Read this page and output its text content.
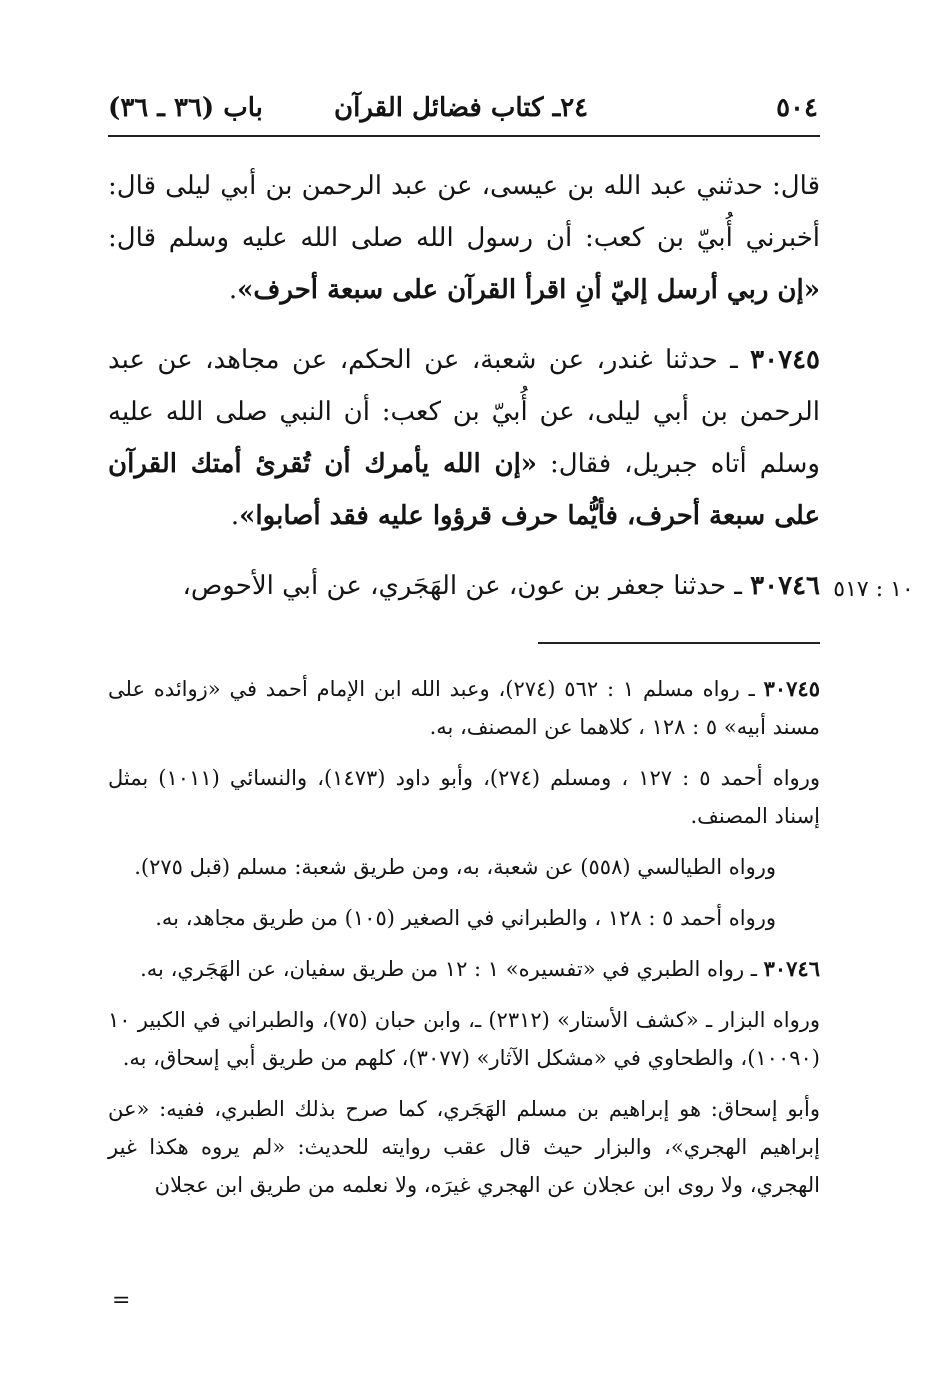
٥٠٤
٢٤ـ كتاب فضائل القرآن
باب (٣٦ ـ ٣٦)

قال: حدثني عبد الله بن عيسى، عن عبد الرحمن بن أبي ليلى قال: أخبرني أُبيّ بن كعب: أن رسول الله صلى الله عليه وسلم قال: «إن ربي أرسل إليّ أنِ اقرأ القرآن على سبعة أحرف».

٣٠٧٤٥ ـ حدثنا غندر، عن شعبة، عن الحكم، عن مجاهد، عن عبد الرحمن بن أبي ليلى، عن أُبيّ بن كعب: أن النبي صلى الله عليه وسلم أتاه جبريل، فقال: «إن الله يأمرك أن تُقرئ أمتك القرآن على سبعة أحرف، فأيُّما حرف قرؤوا عليه فقد أصابوا».

٣٠٧٤٦ ـ حدثنا جعفر بن عون، عن الهَجَري، عن أبي الأحوص،	١٠ : ٥١٧

٣٠٧٤٥ ـ رواه مسلم ١ : ٥٦٢ (٢٧٤)، وعبد الله ابن الإمام أحمد في «زوائده على مسند أبيه» ٥ : ١٢٨ ، كلاهما عن المصنف، به.

ورواه أحمد ٥ : ١٢٧ ، ومسلم (٢٧٤)، وأبو داود (١٤٧٣)، والنسائي (١٠١١) بمثل إسناد المصنف.

ورواه الطيالسي (٥٥٨) عن شعبة، به، ومن طريق شعبة: مسلم (قبل ٢٧٥).

ورواه أحمد ٥ : ١٢٨ ، والطبراني في الصغير (١٠٥) من طريق مجاهد، به.

٣٠٧٤٦ ـ رواه الطبري في «تفسيره» ١ : ١٢ من طريق سفيان، عن الهَجَري، به.

ورواه البزار ـ «كشف الأستار» (٢٣١٢) ـ، وابن حبان (٧٥)، والطبراني في الكبير ١٠ (١٠٠٩٠)، والطحاوي في «مشكل الآثار» (٣٠٧٧)، كلهم من طريق أبي إسحاق، به.

وأبو إسحاق: هو إبراهيم بن مسلم الهَجَري، كما صرح بذلك الطبري، ففيه: «عن إبراهيم الهجري»، والبزار حيث قال عقب روايته للحديث: «لم يروه هكذا غير الهجري، ولا روى ابن عجلان عن الهجري غيرَه، ولا نعلمه من طريق ابن عجلان

=
